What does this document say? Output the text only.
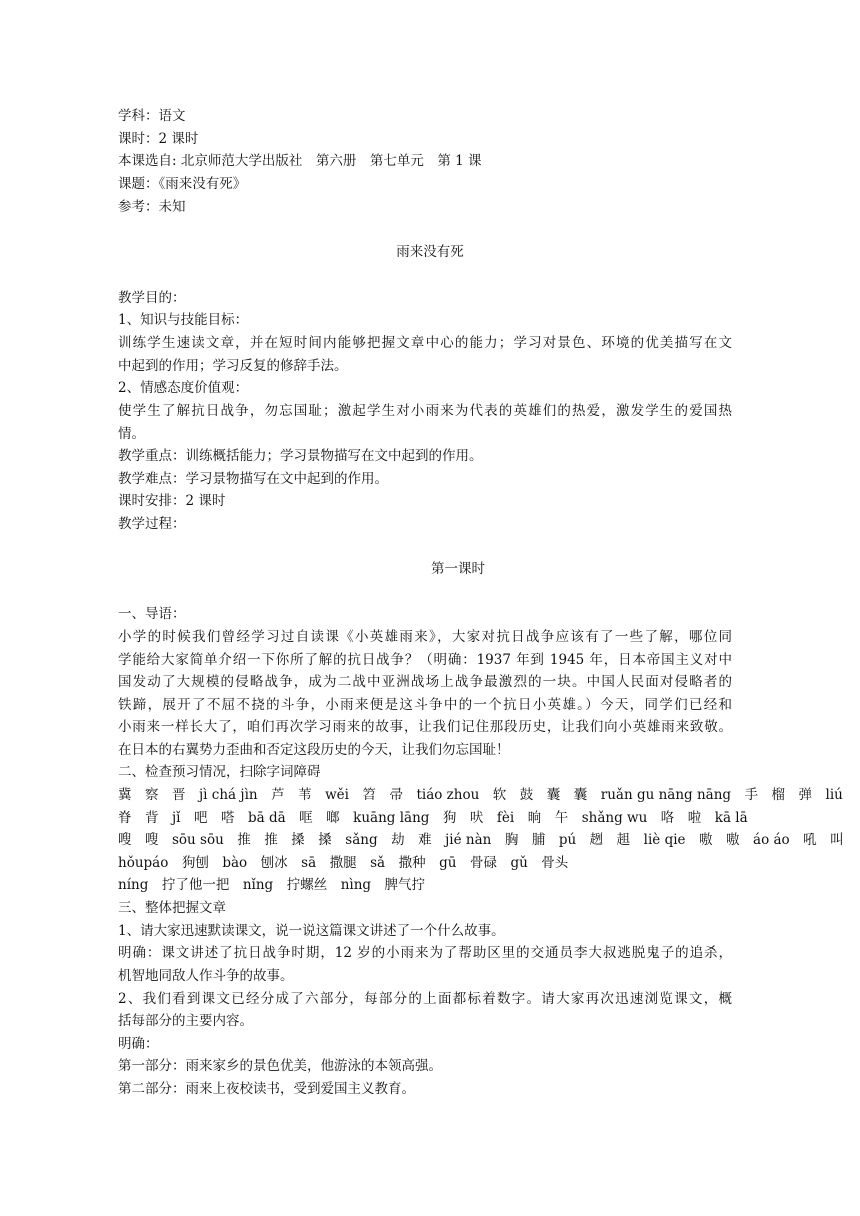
学科：语文
课时：2 课时
本课选自: 北京师范大学出版社　第六册　第七单元　第 1 课
课题：《雨来没有死》
参考：未知
雨来没有死
教学目的：
1、知识与技能目标：
训练学生速读文章，并在短时间内能够把握文章中心的能力；学习对景色、环境的优美描写在文
中起到的作用；学习反复的修辞手法。
2、情感态度价值观：
使学生了解抗日战争，勿忘国耻；激起学生对小雨来为代表的英雄们的热爱，激发学生的爱国热
情。
教学重点：训练概括能力；学习景物描写在文中起到的作用。
教学难点：学习景物描写在文中起到的作用。
课时安排：2 课时
教学过程：
第一课时
一、导语：
小学的时候我们曾经学习过自读课《小英雄雨来》，大家对抗日战争应该有了一些了解，哪位同
学能给大家简单介绍一下你所了解的抗日战争？（明确：1937 年到 1945 年，日本帝国主义对中
国发动了大规模的侵略战争，成为二战中亚洲战场上战争最激烈的一块。中国人民面对侵略者的
铁蹄，展开了不屈不挠的斗争，小雨来便是这斗争中的一个抗日小英雄。）今天，同学们已经和
小雨来一样长大了，咱们再次学习雨来的故事，让我们记住那段历史，让我们向小英雄雨来致敬。
在日本的右翼势力歪曲和否定这段历史的今天，让我们勿忘国耻！
二、检查预习情况，扫除字词障碍
冀　察　晋　jì chá jìn　芦　苇　wěi　笤　帚　tiáo zhou　软　鼓　囊　囊　ruǎn gu nāng nāng　手　榴　弹　liú
脊　背　jǐ　吧　嗒　bā dā　哐　啷　kuāng lāng　狗　吠　fèi　晌　午　shǎng wu　咯　啦　kā lā
嗖　嗖　sōu sōu　推　推　搡　搡　sǎng　劫　难　jié nàn　胸　脯　pú　趔　趄　liè qie　嗷　嗷　áo áo　吼　叫
hǒupáo　狗刨　bào　刨冰　sā　撒腿　sǎ　撒种　gū　骨碌　gǔ　骨头
níng　拧了他一把　nǐng　拧螺丝　nìng　脾气拧
三、整体把握文章
1、请大家迅速默读课文，说一说这篇课文讲述了一个什么故事。
明确：课文讲述了抗日战争时期，12 岁的小雨来为了帮助区里的交通员李大叔逃脱鬼子的追杀，
机智地同敌人作斗争的故事。
2、我们看到课文已经分成了六部分，每部分的上面都标着数字。请大家再次迅速浏览课文，概
括每部分的主要内容。
明确：
第一部分：雨来家乡的景色优美，他游泳的本领高强。
第二部分：雨来上夜校读书，受到爱国主义教育。
